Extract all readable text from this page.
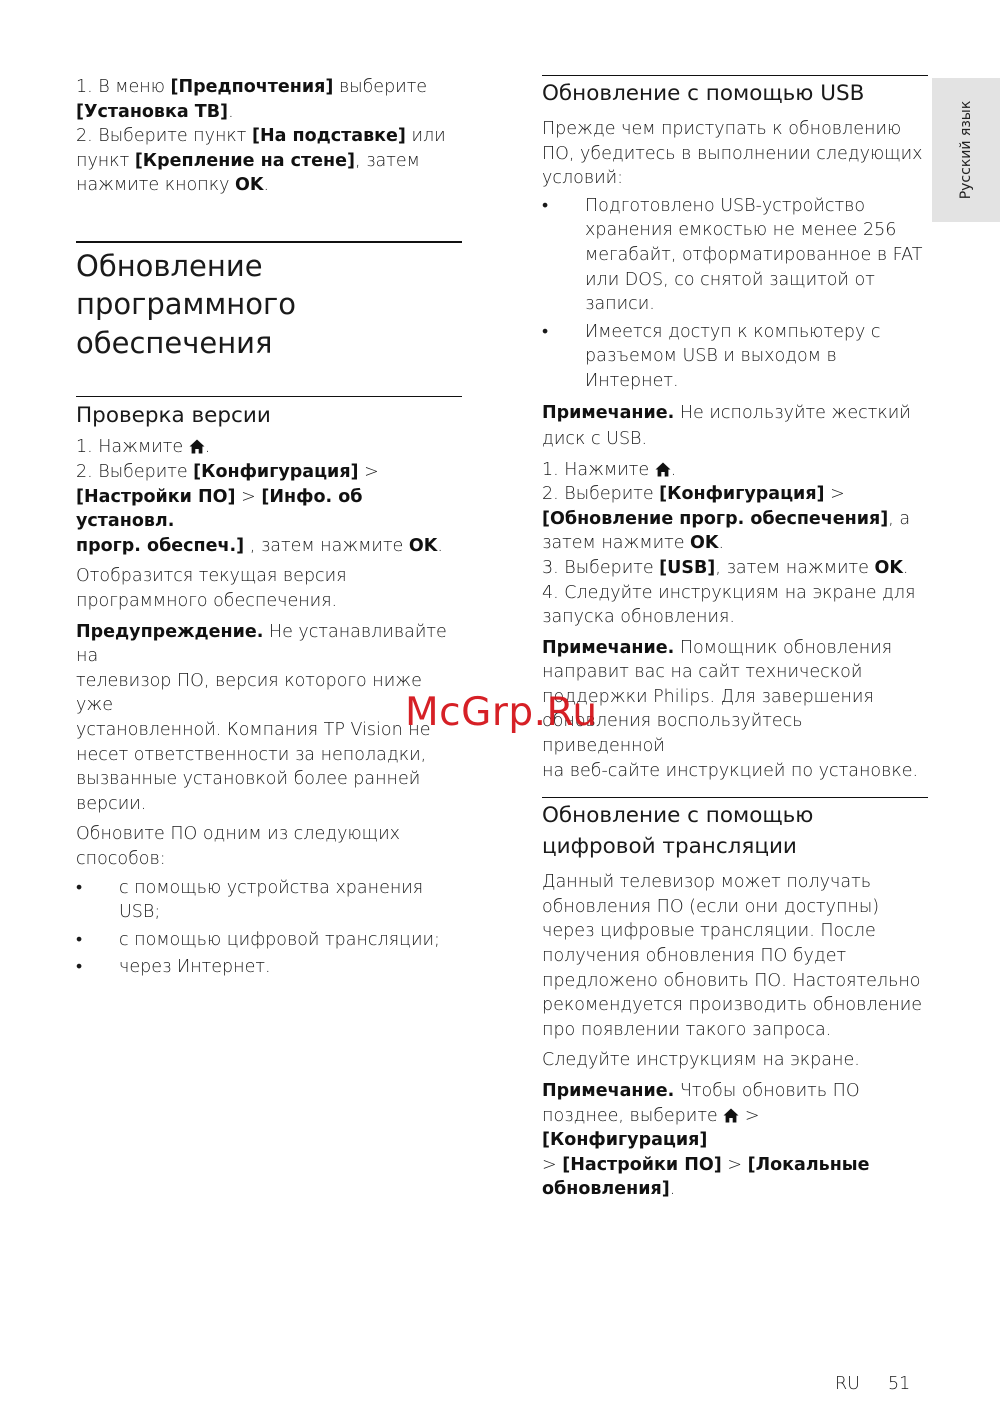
Русский язык

1. В меню [Предпочтения] выберите
[Установка ТВ].
2. Выберите пункт [На подставке] или
пункт [Крепление на стене], затем
нажмите кнопку OK.

Обновление

программного

обеспечения

Проверка версии

1. Нажмите .
2. Выберите [Конфигурация] >
[Настройки ПО] > [Инфо. об установл.
прогр. обеспеч.] , затем нажмите OK.

Отобразится текущая версия
программного обеспечения.

Предупреждение. Не устанавливайте на
телевизор ПО, версия которого ниже уже
установленной. Компания TP Vision не
несет ответственности за неполадки,
вызванные установкой более ранней
версии.

Обновите ПО одним из следующих
способов:

• с помощью устройства хранения
USB;
• с помощью цифровой трансляции;
• через Интернет.

Обновление с помощью USB

Прежде чем приступать к обновлению
ПО, убедитесь в выполнении следующих
условий:

• Подготовлено USB-устройство
хранения емкостью не менее 256
мегабайт, отформатированное в FAT
или DOS, со снятой защитой от
записи.
• Имеется доступ к компьютеру с
разъемом USB и выходом в
Интернет.

Примечание. Не используйте жесткий
диск с USB.

1. Нажмите .
2. Выберите [Конфигурация] >
[Обновление прогр. обеспечения], а
затем нажмите OK.
3. Выберите [USB], затем нажмите OK.
4. Следуйте инструкциям на экране для
запуска обновления.

Примечание. Помощник обновления
направит вас на сайт технической
поддержки Philips. Для завершения
обновления воспользуйтесь приведенной
на веб-сайте инструкцией по установке.

Обновление с помощью

цифровой трансляции

Данный телевизор может получать
обновления ПО (если они доступны)
через цифровые трансляции. После
получения обновления ПО будет
предложено обновить ПО. Настоятельно
рекомендуется производить обновление
про появлении такого запроса.

Следуйте инструкциям на экране.

Примечание. Чтобы обновить ПО
позднее, выберите  > [Конфигурация]
> [Настройки ПО] > [Локальные
обновления].

McGrp.Ru
RU 51
